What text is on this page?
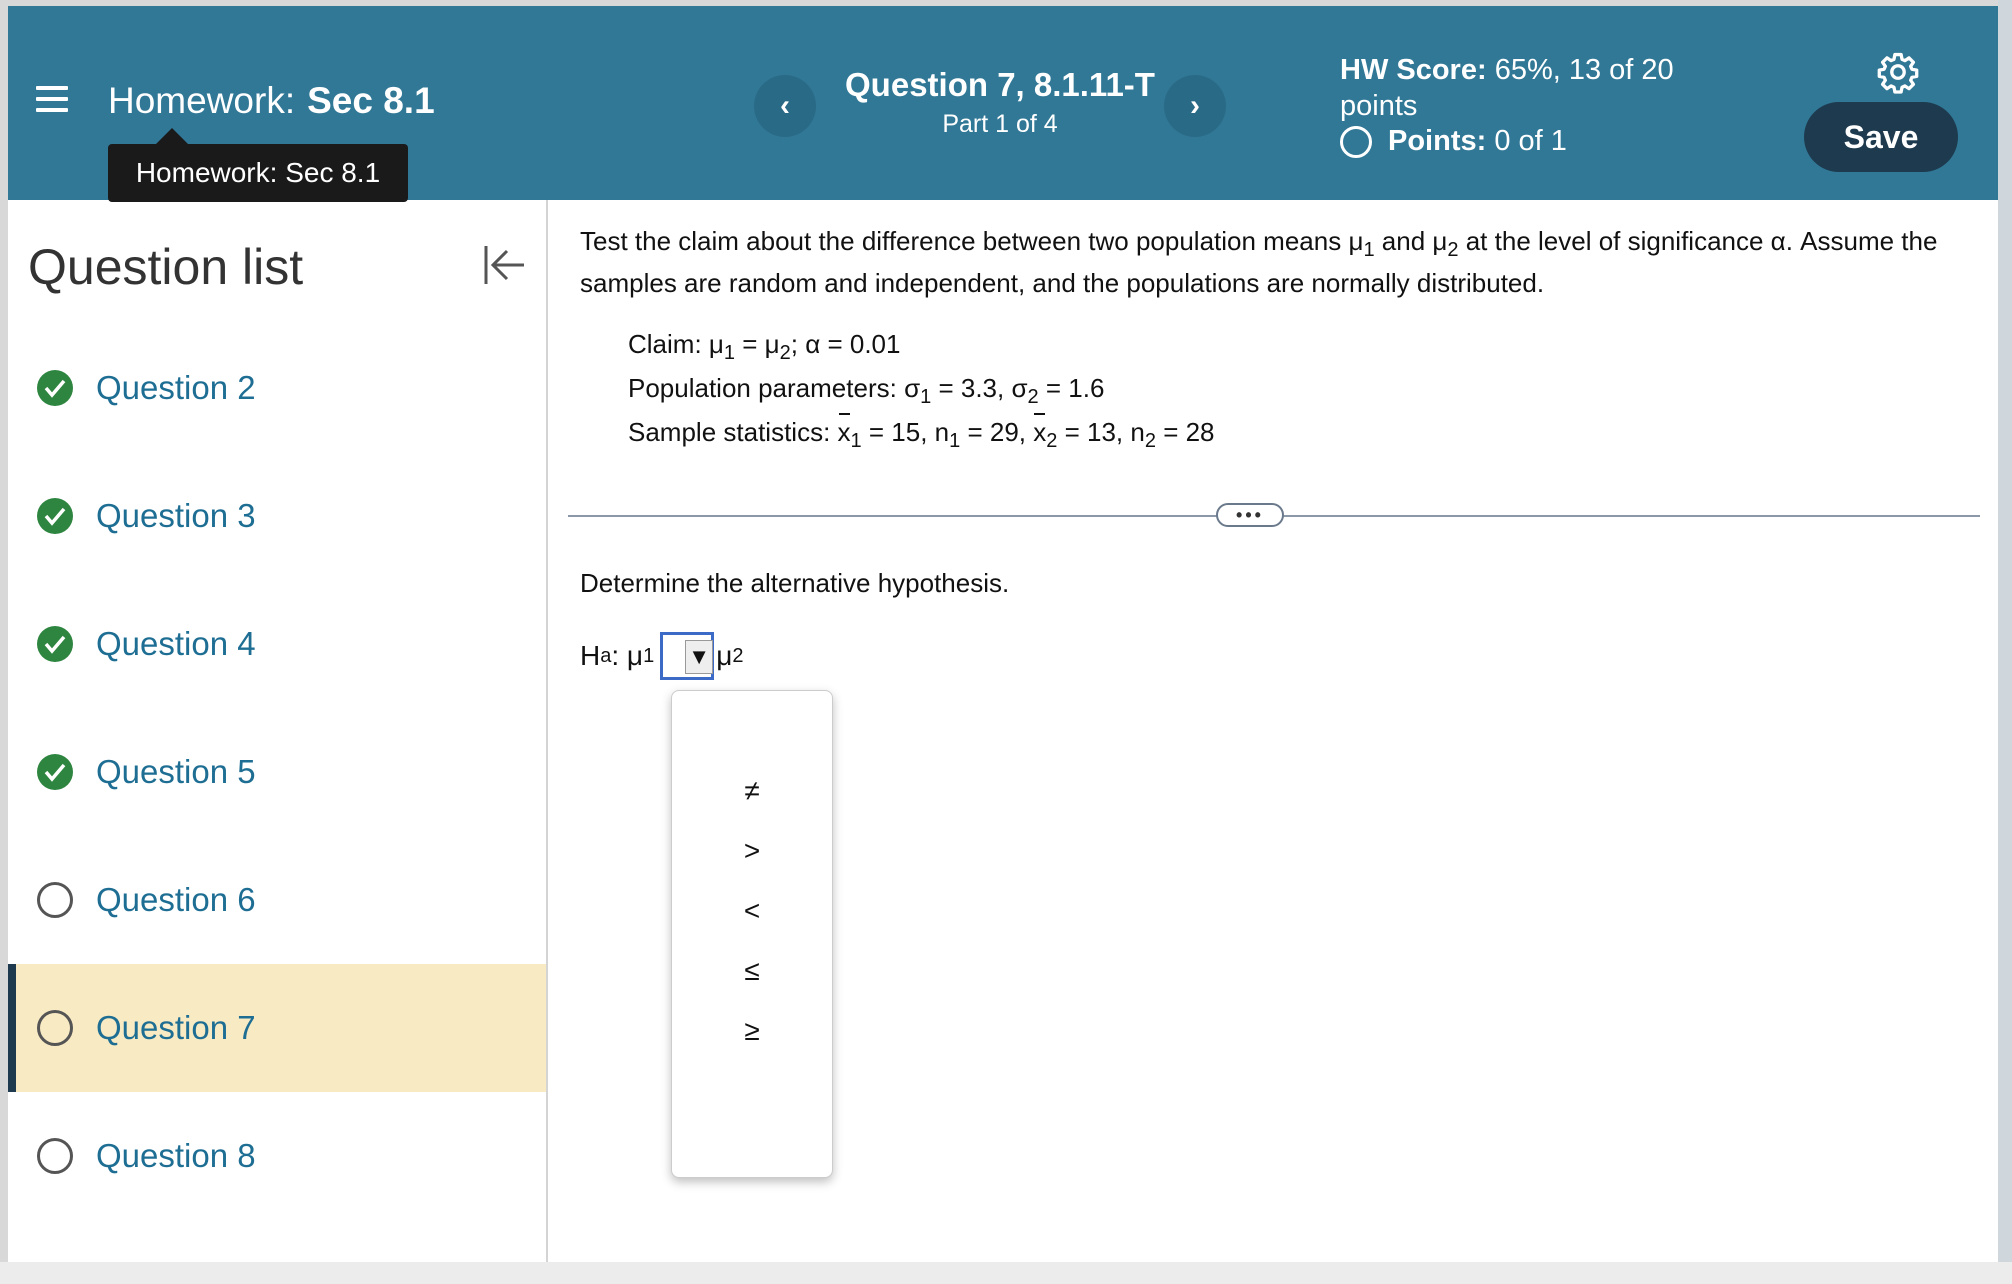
Homework: Sec 8.1	‹
Question 7, 8.1.11-T
Part 1 of 4
›
HW Score: 65%, 13 of 20 points
Points:
0 of 1	Save
Homework: Sec 8.1
Question list
Question 2
Question 3
Question 4
Question 5
Question 6
Question 7
Question 8
Test the claim about the difference between two population means $\mu_1$ and $\mu_2$ at the level of significance α. Assume the samples are random and independent, and the populations are normally distributed.
Claim: $\mu_1 = \mu_2$; α = 0.01
Population parameters: $\sigma_1 = 3.3$, $\sigma_2 = 1.6$
Sample statistics: $x_1 = 15$, $n_1 = 29$, $x_2 = 13$, $n_2 = 28$
•••
Determine the alternative hypothesis.
H a : μ 1 ▼ μ 2
≠
>
<
≤
≥
